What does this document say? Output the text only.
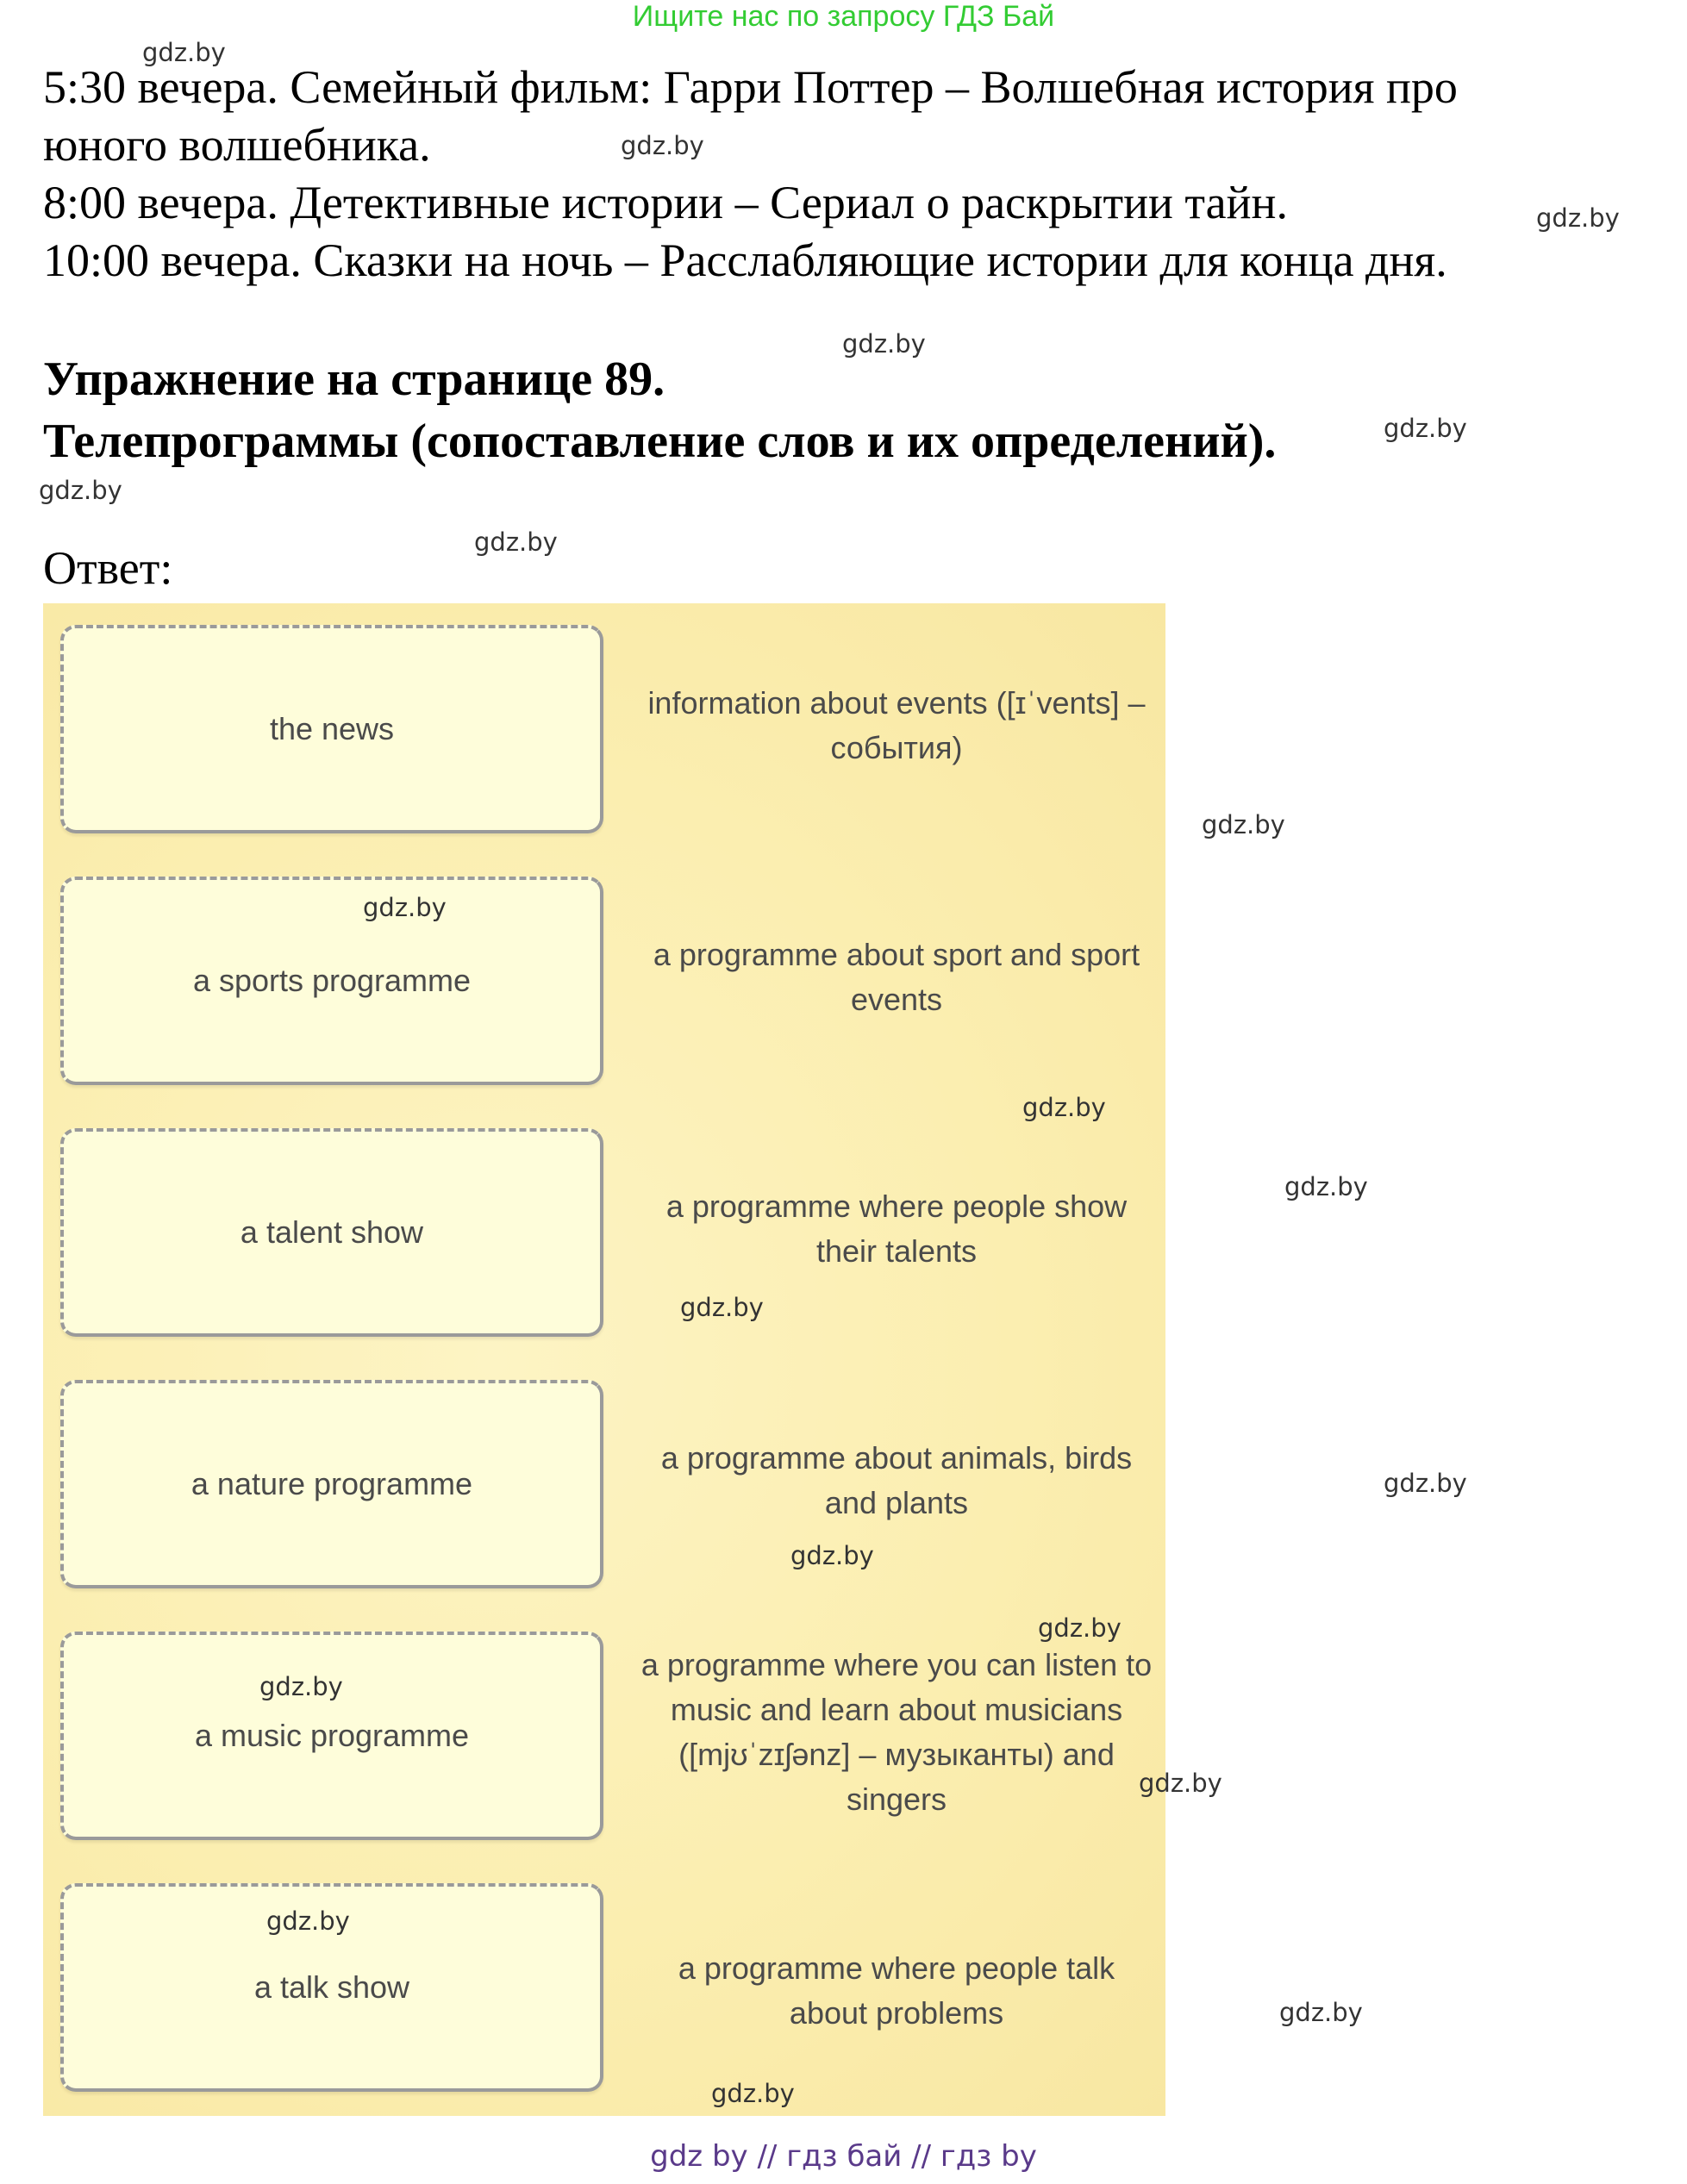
Ищите нас по запросу ГДЗ Бай
5:30 вечера. Семейный фильм: Гарри Поттер – Волшебная история про
юного волшебника.
8:00 вечера. Детективные истории – Сериал о раскрытии тайн.
10:00 вечера. Сказки на ночь – Расслабляющие истории для конца дня.
Упражнение на странице 89.
Телепрограммы (сопоставление слов и их определений).
Ответ:
the news
information about events ([ɪˈvents] – события)
a sports programme
a programme about sport and sport events
a talent show
a programme where people show their talents
a nature programme
a programme about animals, birds and plants
a music programme
a programme where you can listen to music and learn about musicians ([mjʊˈzɪʃənz] – музыканты) and singers
a talk show
a programme where people talk about problems
gdz.by
gdz.by
gdz.by
gdz.by
gdz.by
gdz.by
gdz.by
gdz.by
gdz.by
gdz.by
gdz.by
gdz.by
gdz.by
gdz.by
gdz.by
gdz.by
gdz.by
gdz.by
gdz.by
gdz.by
gdz by // гдз бай // гдз by
